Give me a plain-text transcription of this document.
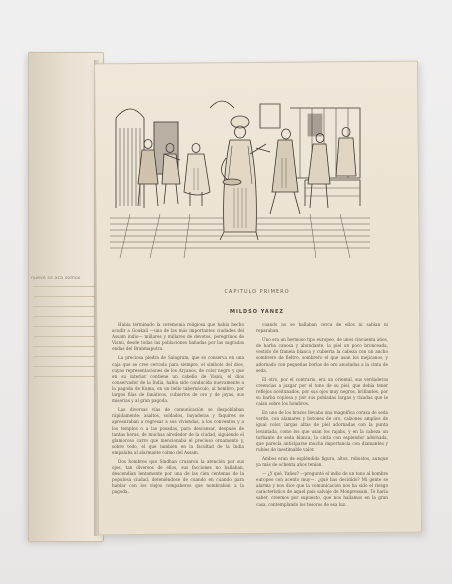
nuevo se aca somos
CAPITULO PRIMERO
MILDSO YANEZ

Había terminado la ceremonia religiosa que había hecho acudir a Goukali —una de las más importantes ciudades del Assam indio— millares y millares de devotos, peregrinos de Visnú, desde todas las poblaciones bañadas por las sagradas ondas del Brahmaputra.

La preciosa piedra de Salagram, que se conserva en una caja que se cree cerrada para siempre, el símbolo del dios, cuyas representaciones de los Aryanos, de color negro y que en su interior contiene un cabello de Visnú, el dios conservador de la India, había sido conducida nuevamente a la pagoda de Kuma, en un bello tabernáculo, al hombro, por largos filas de fanáticos, cubiertos de oro y de joyas, sus miserias y al gran pagoda.

Las diversas vías de comunicación se despoblaban rápidamente: asaltos, soldados, bayaderas y faquires se apresuraban a regresar a sus viviendas, a los conventos y a los templos o a las posadas, para descansar, después de tantas horas, de muchas alrededor de la ciudad, siguiendo el glamoroso carro que mencionaba el precioso ornamento y, sobre todo, el que también en la facultad de la India empalaba al alarmante colmo del Assam.

Dos hombres que Sindhan cruzaron la atención por sus ojos, tan diversos de ellos, sus facciones no hallaban, descendían lentamente por una de las cien centenas de la populosa ciudad, deteniéndose de cuando en cuando para hablar con los viejos compañeros que nombraban a la pagoda.

cuando no se hallaban cerca de ellos ni sabían ni reparaban.

Uno era un hermoso tipo europeo, de unos cincuenta años, de barba canosa y abundante, la piel un poco bronceada, vestido de franela blanca y cubierta la cabeza con un ancho sombrero de fieltro, sombrero el que usan los mejicanos, y adornado con pequeñas borlas de oro anudadas a la cinta de seda.

El otro, por el contrario, era un oriental, sus verdaderas creencias a juzgar por el tono de su piel, que debía tener reflejos aceitunados, por sus ojos muy negros, brillantes, por su barba copiosa y por sus pobladas largas y rizadas que le caían sobre los hombros.

En uno de los brazos llevaba una magnífica coraza de seda verde, con alamares y botones de oro, calzones amplios de igual color, largas altas de piel adornadas con la punta levantada, como los que usan los rajahs, y en la cabeza un turbante de seda blanca, la cinta con esplendor adornada, que parecía anticiparse mucha importancia con diamantes y rubíes de inestimable valor.

Ambos eran de espléndida figura, altos, robustos, aunque ya más de ochenta años tenían.

— ¿Y qué, Yañez? —preguntó el indio de un tono al hombre europeo con acento muy—. ¿qué has decidido? Mi gente se alarma y nos dice que la comunicación nos ha sido el riesgo característico de aquel país salvaje de Monpressam. Te haría saber, creemos por supuesto, que nos hallamos en la gran casa, contemplando los tesoros de esa luz.
